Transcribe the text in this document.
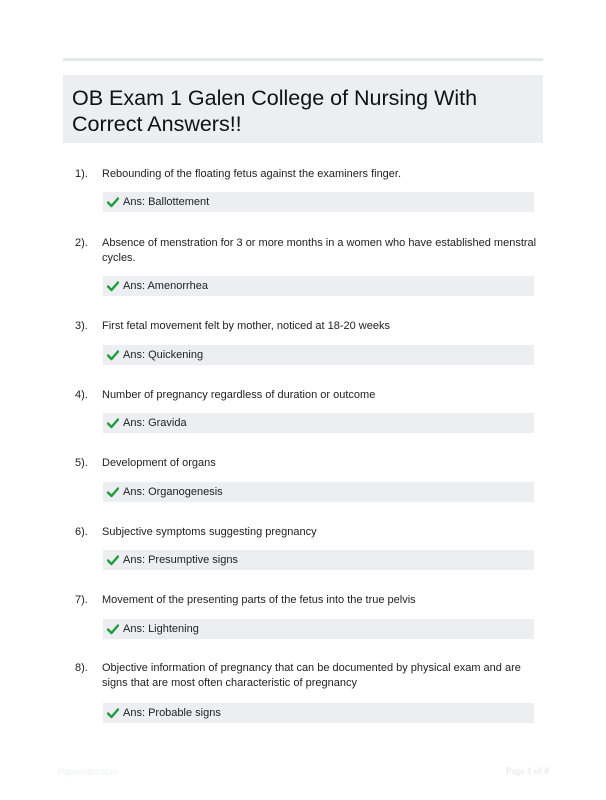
OB Exam 1 Galen College of Nursing With Correct Answers!!
1). Rebounding of the floating fetus against the examiners finger.
Ans: Ballottement
2). Absence of menstration for 3 or more months in a women who have established menstral cycles.
Ans: Amenorrhea
3). First fetal movement felt by mother, noticed at 18-20 weeks
Ans: Quickening
4). Number of pregnancy regardless of duration or outcome
Ans: Gravida
5). Development of organs
Ans: Organogenesis
6). Subjective symptoms suggesting pregnancy
Ans: Presumptive signs
7). Movement of the presenting parts of the fetus into the true pelvis
Ans: Lightening
8). Objective information of pregnancy that can be documented by physical exam and are signs that are most often characteristic of pregnancy
Ans: Probable signs
Paperhibit.com	Page 1 of 8
